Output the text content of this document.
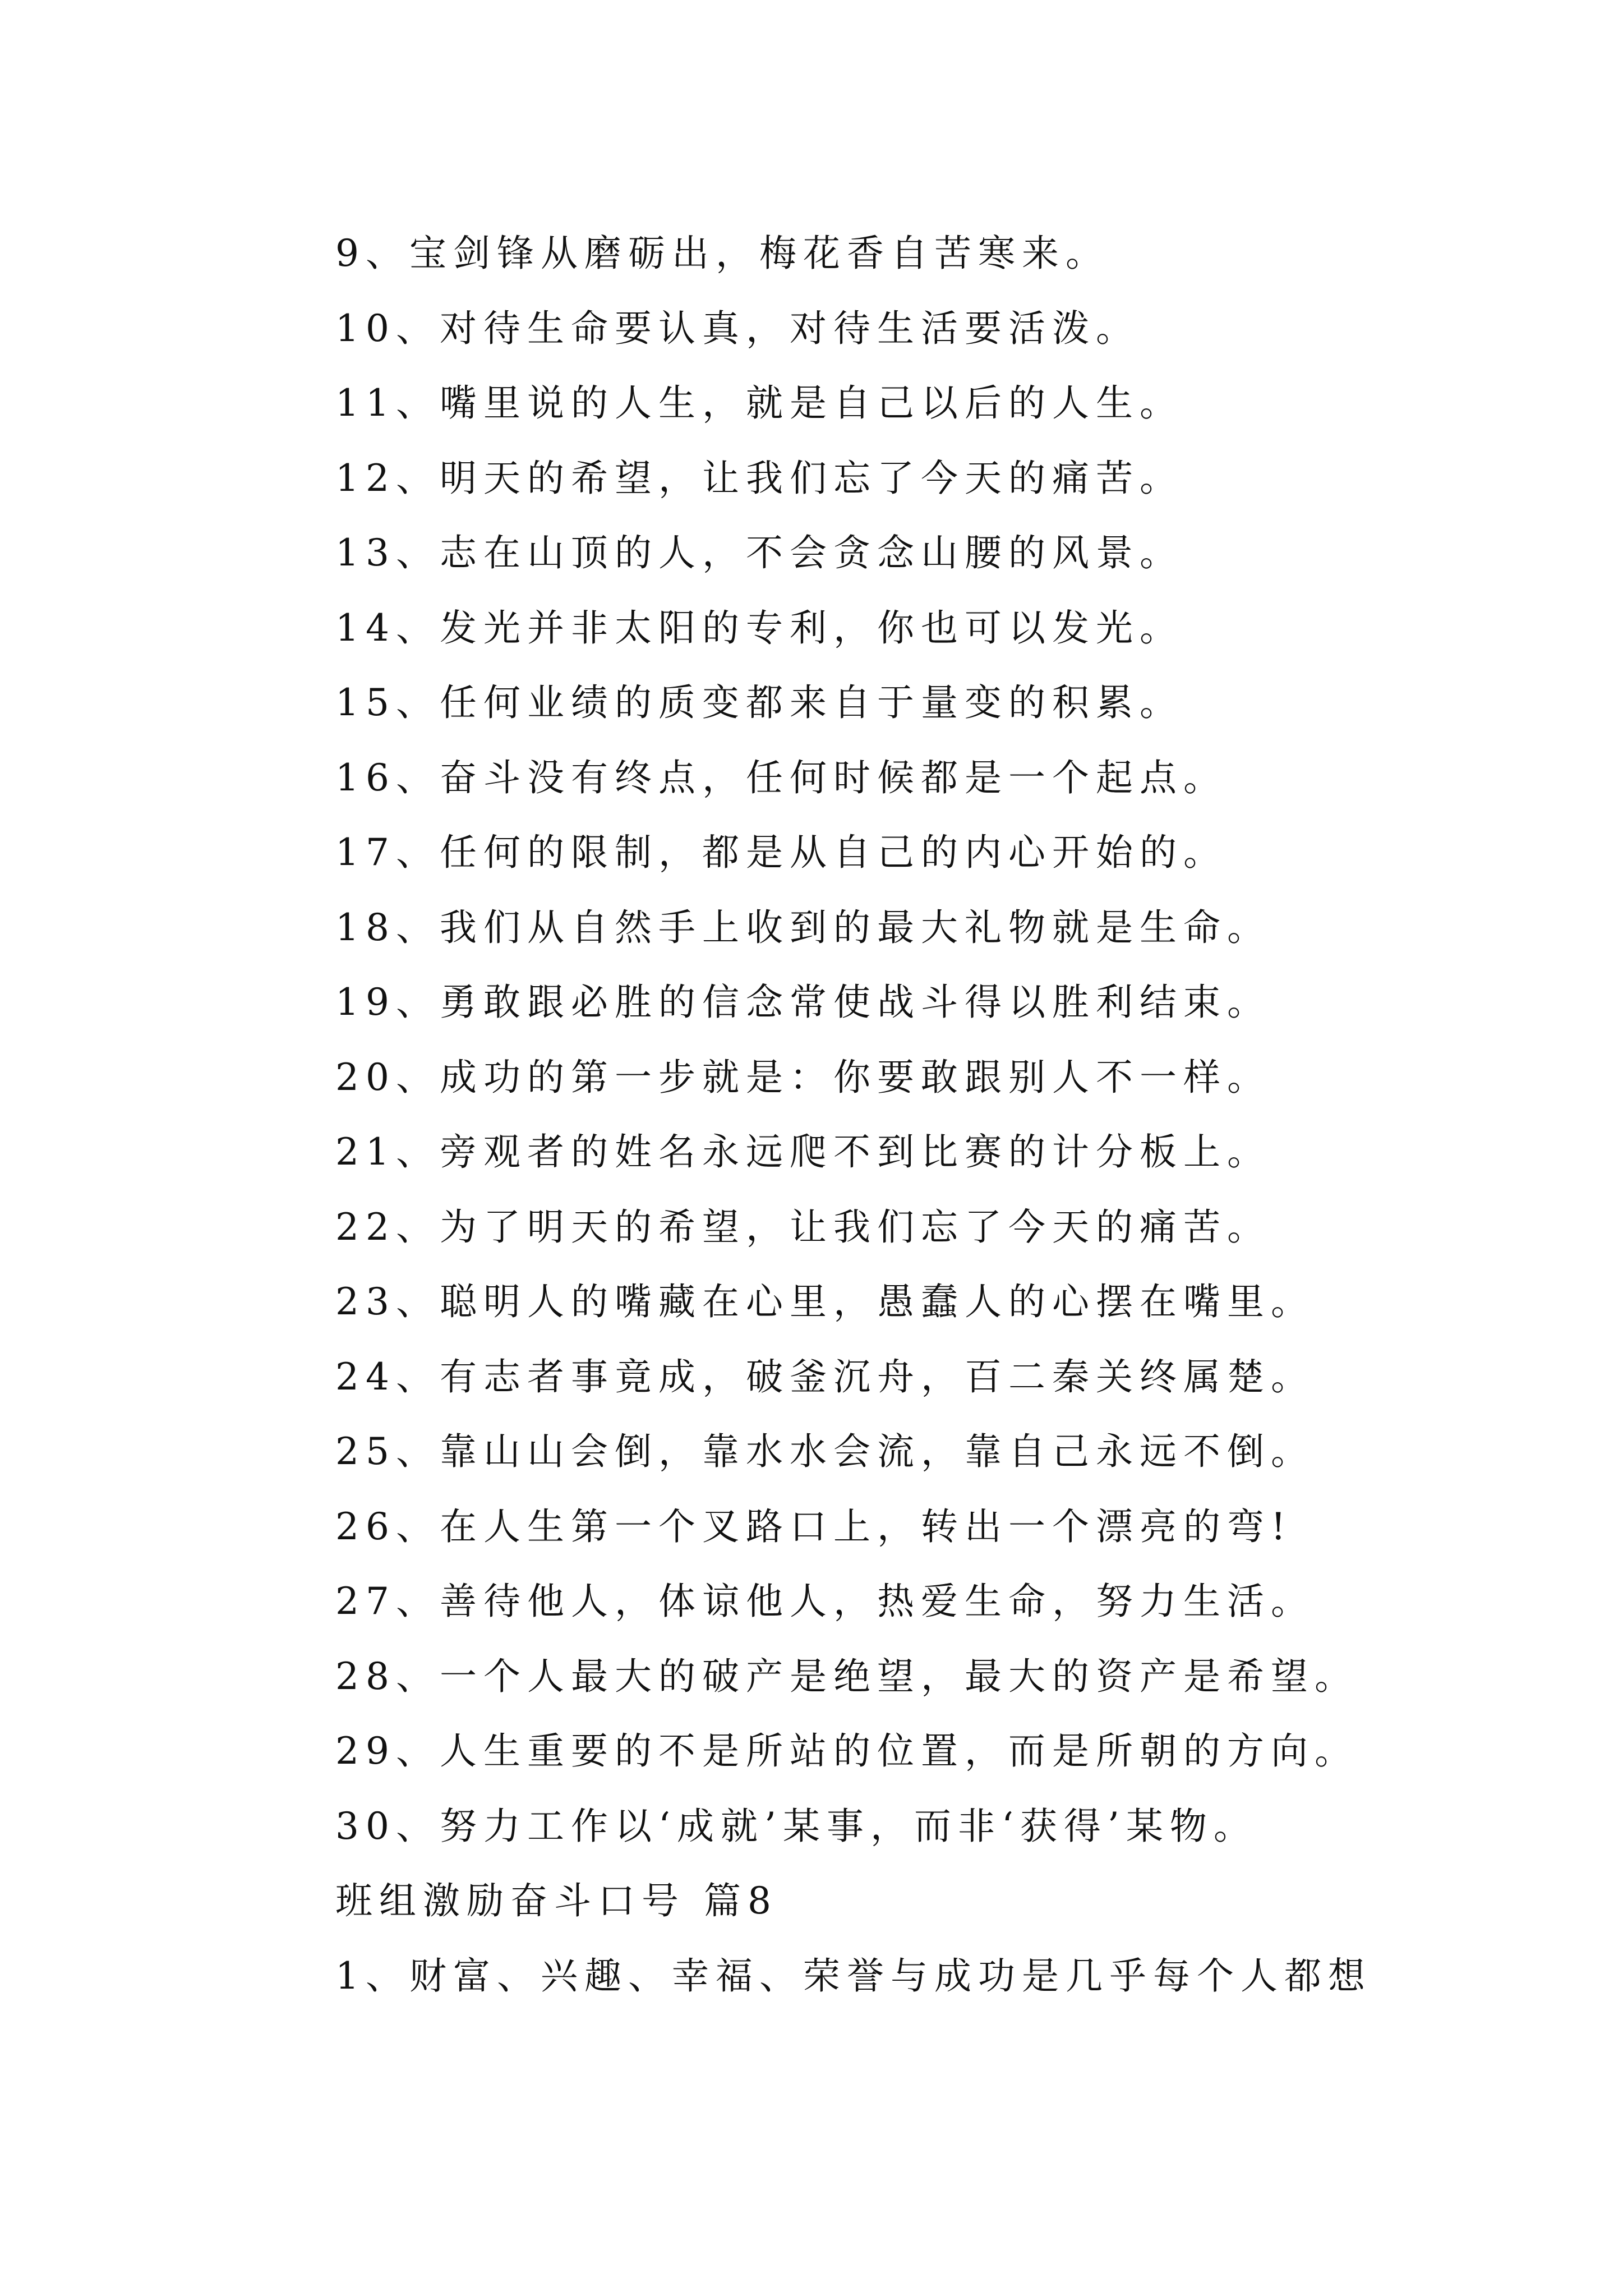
9、宝剑锋从磨砺出，梅花香自苦寒来。
10、对待生命要认真，对待生活要活泼。
11、嘴里说的人生，就是自己以后的人生。
12、明天的希望，让我们忘了今天的痛苦。
13、志在山顶的人，不会贪念山腰的风景。
14、发光并非太阳的专利，你也可以发光。
15、任何业绩的质变都来自于量变的积累。
16、奋斗没有终点，任何时候都是一个起点。
17、任何的限制，都是从自己的内心开始的。
18、我们从自然手上收到的最大礼物就是生命。
19、勇敢跟必胜的信念常使战斗得以胜利结束。
20、成功的第一步就是：你要敢跟别人不一样。
21、旁观者的姓名永远爬不到比赛的计分板上。
22、为了明天的希望，让我们忘了今天的痛苦。
23、聪明人的嘴藏在心里，愚蠢人的心摆在嘴里。
24、有志者事竟成，破釜沉舟，百二秦关终属楚。
25、靠山山会倒，靠水水会流，靠自己永远不倒。
26、在人生第一个叉路口上，转出一个漂亮的弯!
27、善待他人，体谅他人，热爱生命，努力生活。
28、一个人最大的破产是绝望，最大的资产是希望。
29、人生重要的不是所站的位置，而是所朝的方向。
30、努力工作以‘成就’某事，而非‘获得’某物。
班组激励奋斗口号 篇8
1、财富、兴趣、幸福、荣誉与成功是几乎每个人都想
